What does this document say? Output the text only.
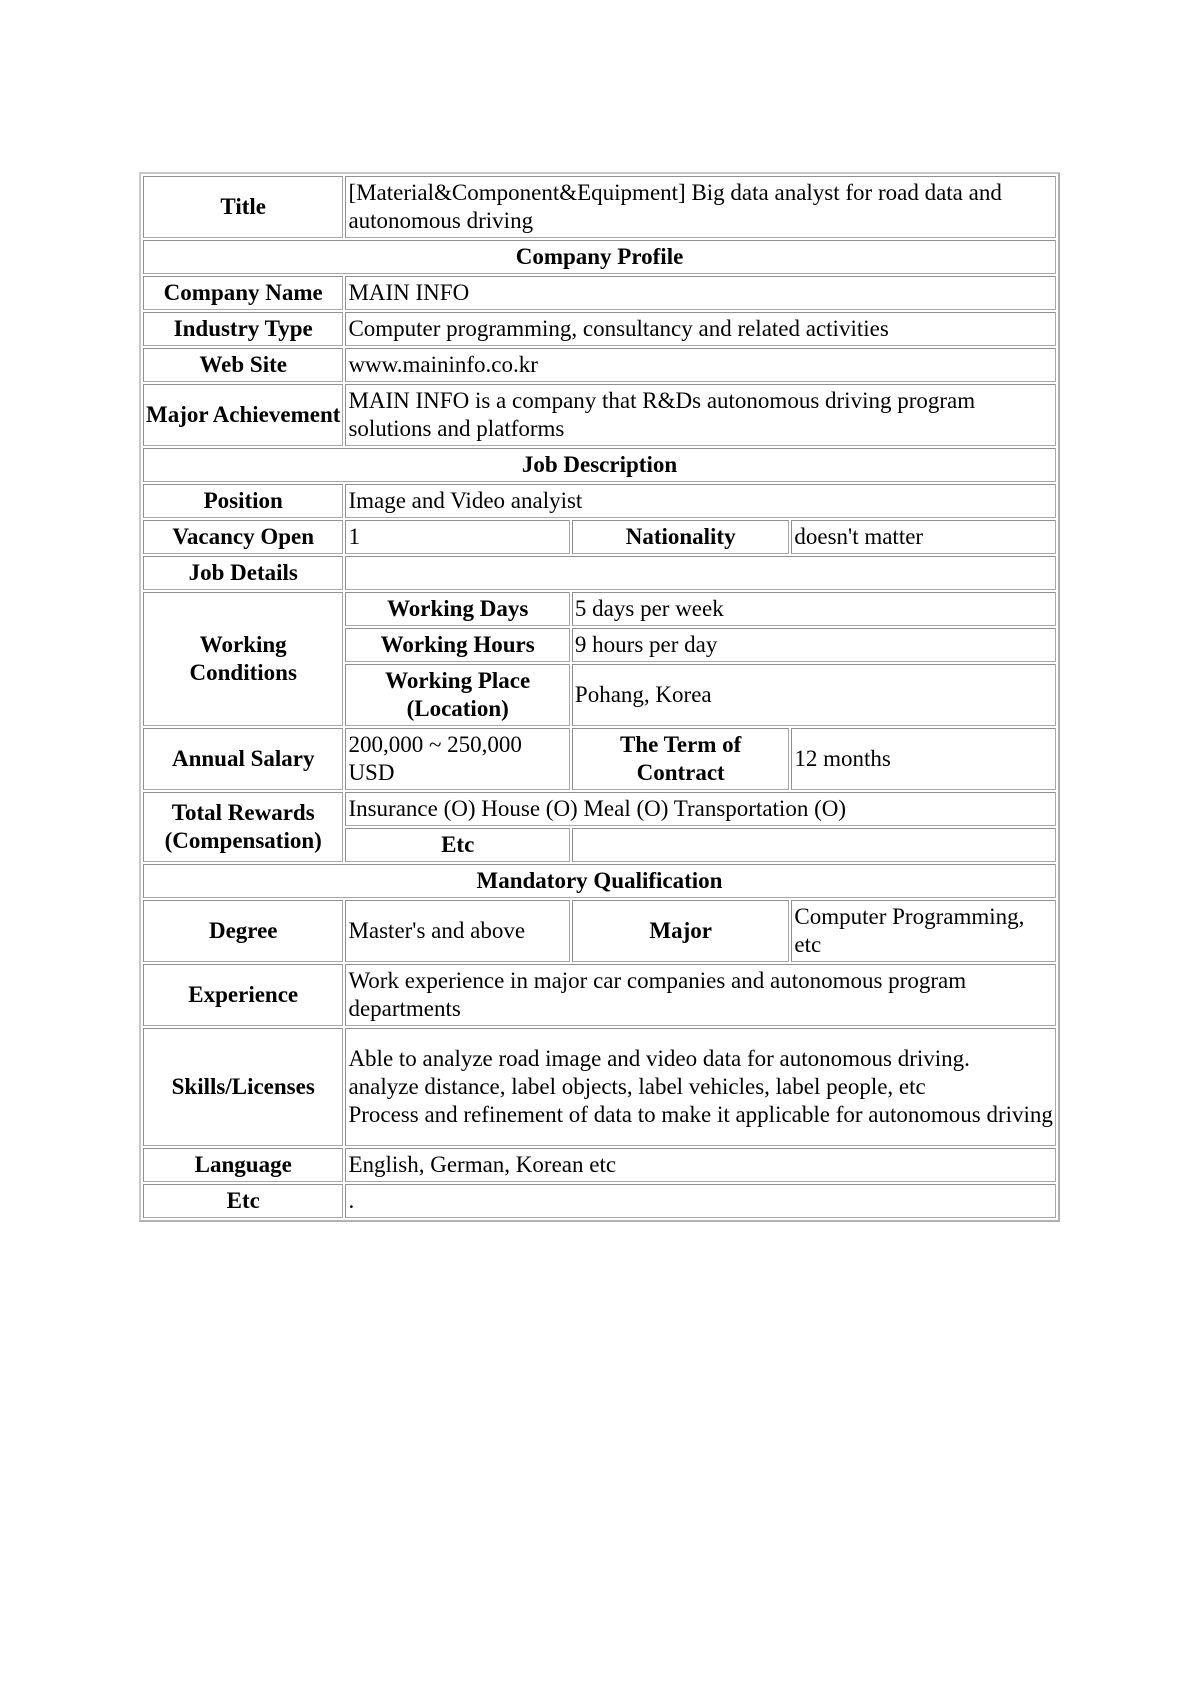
Title	[Material&Component&Equipment] Big data analyst for road data and autonomous driving		
Company Profile			
Company Name	MAIN INFO		
Industry Type	Computer programming, consultancy and related activities		
Web Site	www.maininfo.co.kr		
Major Achievement	MAIN INFO is a company that R&Ds autonomous driving program solutions and platforms		
Job Description			
Position	Image and Video analyist		
Vacancy Open	1	Nationality	doesn't matter
Job Details			
Working Conditions	Working Days	5 days per week	
	Working Hours	9 hours per day	
	Working Place (Location)	Pohang, Korea	
Annual Salary	200,000 ~ 250,000 USD	The Term of Contract	12 months
Total Rewards (Compensation)	Insurance (O) House (O) Meal (O) Transportation (O)		
	Etc		
Mandatory Qualification			
Degree	Master's and above	Major	Computer Programming, etc
Experience	Work experience in major car companies and autonomous program departments		
Skills/Licenses	Able to analyze road image and video data for autonomous driving.
analyze distance, label objects, label vehicles, label people, etc
Process and refinement of data to make it applicable for autonomous driving		
Language	English, German, Korean etc		
Etc	.		
